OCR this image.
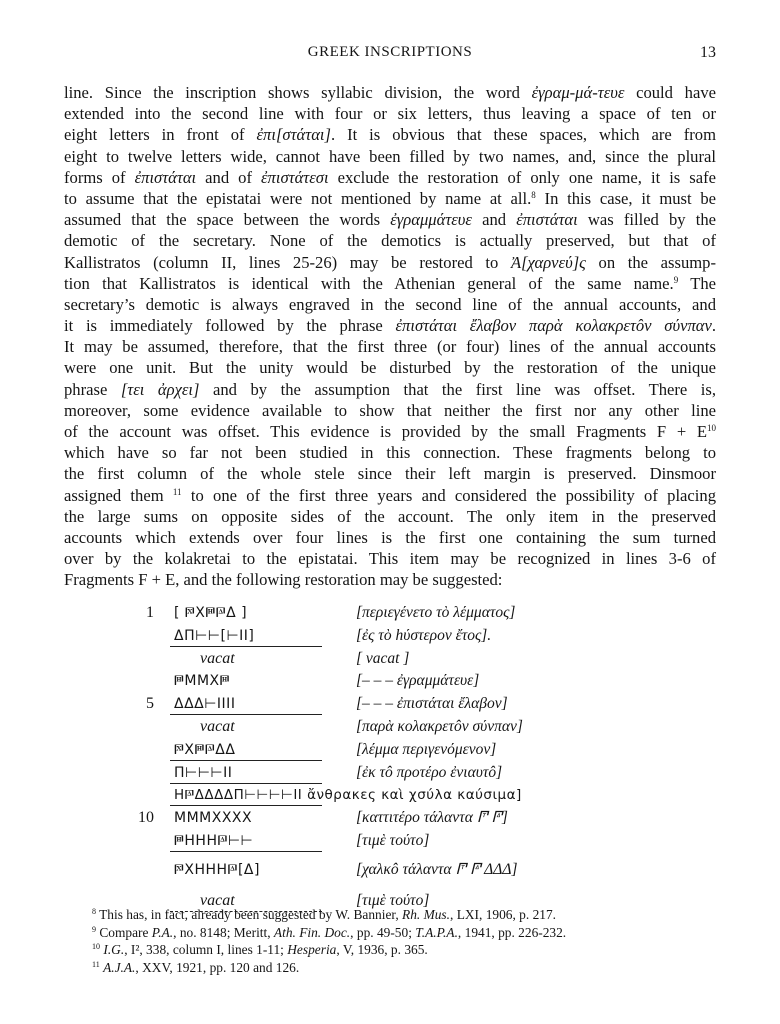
GREEK INSCRIPTIONS	13
line. Since the inscription shows syllabic division, the word ἐγραμ-μά-τευε could have
extended into the second line with four or six letters, thus leaving a space of ten or
eight letters in front of ἐπι[στάται]. It is obvious that these spaces, which are from
eight to twelve letters wide, cannot have been filled by two names, and, since the plural
forms of ἐπιστάται and of ἐπιστάτεσι exclude the restoration of only one name, it is safe
to assume that the epistatai were not mentioned by name at all.$^8$ In this case, it must be
assumed that the space between the words ἐγραμμάτευε and ἐπιστάται was filled by the
demotic of the secretary. None of the demotics is actually preserved, but that of
Kallistratos (column II, lines 25-26) may be restored to Ἀ[χαρνεύ]ς on the assump-
tion that Kallistratos is identical with the Athenian general of the same name.$^9$ The
secretary’s demotic is always engraved in the second line of the annual accounts, and
it is immediately followed by the phrase ἐπιστάται ἔλαβον παρὰ κολακρετôν σύνπαν.
It may be assumed, therefore, that the first three (or four) lines of the annual accounts
were one unit. But the unity would be disturbed by the restoration of the unique
phrase [τει ἀρχει] and by the assumption that the first line was offset. There is,
moreover, some evidence available to show that neither the first nor any other line
of the account was offset. This evidence is provided by the small Fragments $F + E^{10}$
which have so far not been studied in this connection. These fragments belong to
the first column of the whole stele since their left margin is preserved. Dinsmoor
assigned them $^{11}$ to one of the first three years and considered the possibility of placing
the large sums on opposite sides of the account. The only item in the preserved
accounts which extends over four lines is the first one containing the sum turned
over by the kolakretai to the epistatai. This item may be recognized in lines 3-6 of
Fragments F + E, and the following restoration may be suggested:
1 [ 𐅆Χ𐅅𐅄Δ ]	[περιεγένετο τὸ λέμματος]
ΔΠ⊢⊢[⊢ΙΙ]	[ἐς τὸ hύστερον ἔτος].
vacat	[ vacat ]
𐅅ΜΜΧ𐅅	[– – – ἐγραμμάτευε]
5 ΔΔΔ⊢ΙΙΙΙ	[– – – ἐπιστάται ἔλαβον]
vacat	[παρὰ κολακρετôν σύνπαν]
𐅆Χ𐅅𐅄ΔΔ	[λέμμα περιγενόμενον]
Π⊢⊢⊢ΙΙ	[ἐκ τô προτέρο ἐνιαυτô]
Η𐅄ΔΔΔΔΠ⊢⊢⊢⊢ΙΙ ἄνθρακες καὶ χσύλα καύσιμα]
10 ΜΜΜΧΧΧΧ	[καττιτέρο τάλαντα 𐅈 𐅄]
𐅅ΗΗΗ𐅄⊢⊢	[τιμὲ τούτο]
𐅆ΧΗΗΗ𐅄[Δ]	[χαλκô τάλαντα 𐅈 𐅄 ΔΔΔ]
vacat	[τιμὲ τούτο]
$^8$ This has, in fact, already been suggested by W. Bannier, Rh. Mus., LXI, 1906, p. 217.
$^9$ Compare P.A., no. 8148; Meritt, Ath. Fin. Doc., pp. 49-50; T.A.P.A., 1941, pp. 226-232.
$^{10}$ I.G., I², 338, column I, lines 1-11; Hesperia, V, 1936, p. 365.
$^{11}$ A.J.A., XXV, 1921, pp. 120 and 126.
